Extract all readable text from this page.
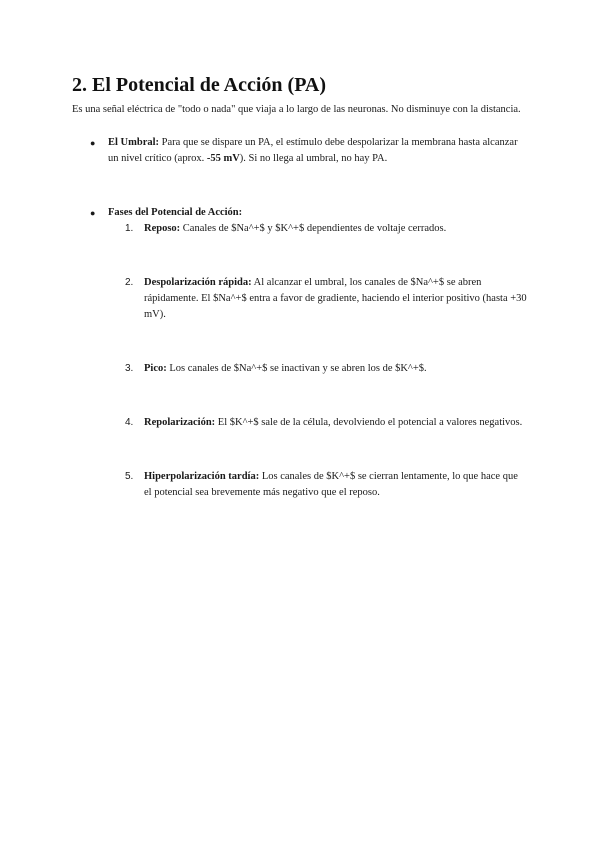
2. El Potencial de Acción (PA)

Es una señal eléctrica de "todo o nada" que viaja a lo largo de las neuronas. No disminuye con la distancia.

●	El Umbral: Para que se dispare un PA, el estímulo debe despolarizar la membrana hasta alcanzar un nivel crítico (aprox. -55 mV). Si no llega al umbral, no hay PA.
●	Fases del Potencial de Acción:
1. Reposo: Canales de $Na^+$ y $K^+$ dependientes de voltaje cerrados.
2. Despolarización rápida: Al alcanzar el umbral, los canales de $Na^+$ se abren rápidamente. El $Na^+$ entra a favor de gradiente, haciendo el interior positivo (hasta +30 mV).
3. Pico: Los canales de $Na^+$ se inactivan y se abren los de $K^+$.
4. Repolarización: El $K^+$ sale de la célula, devolviendo el potencial a valores negativos.
5. Hiperpolarización tardía: Los canales de $K^+$ se cierran lentamente, lo que hace que el potencial sea brevemente más negativo que el reposo.
